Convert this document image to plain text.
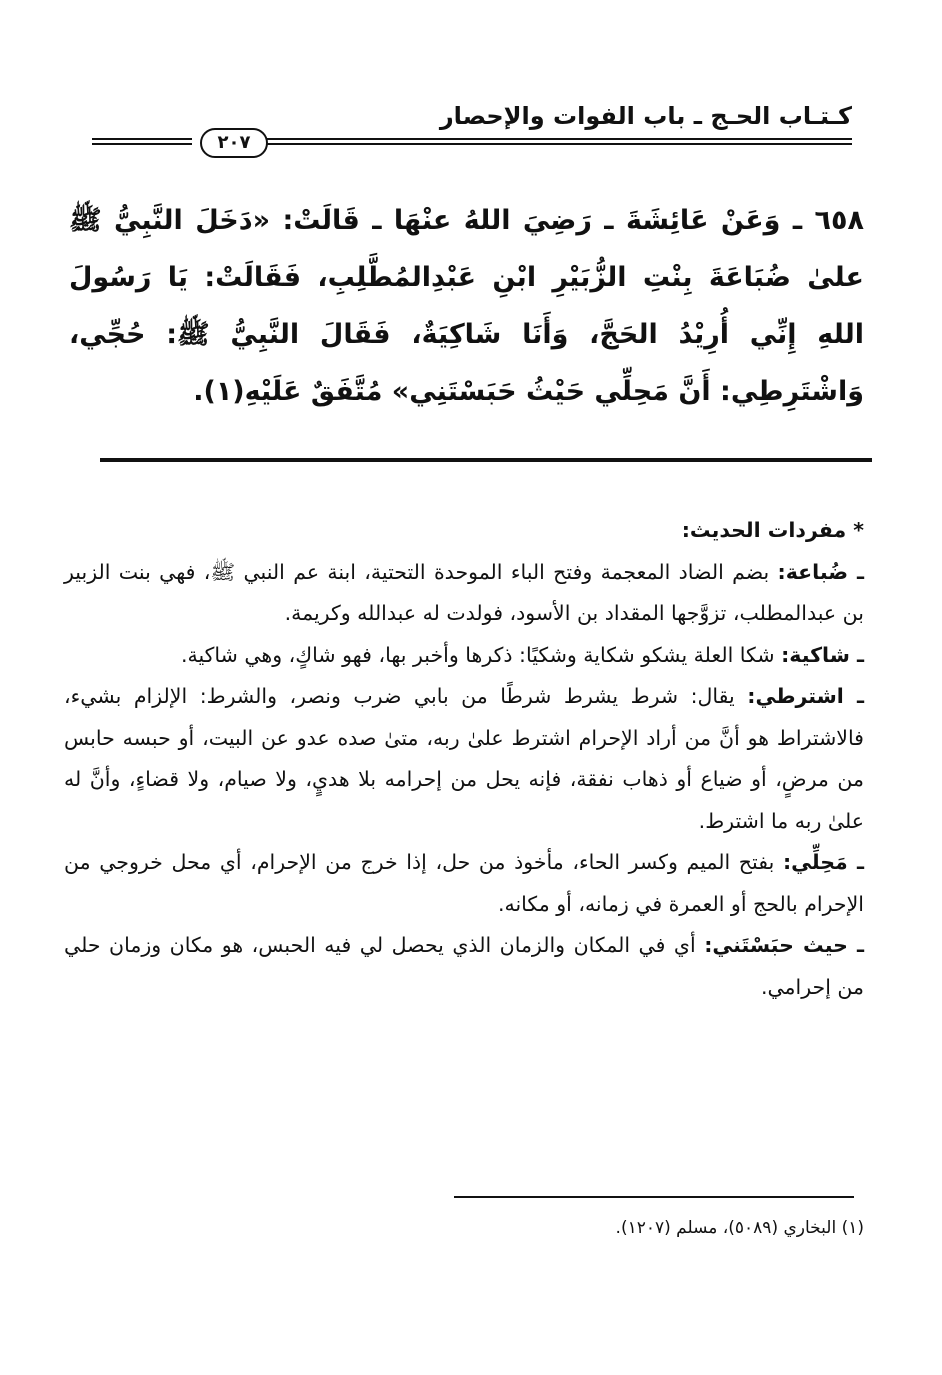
كـتـاب الحـج ـ باب الفوات والإحصار
٢٠٧
٦٥٨ ـ وَعَنْ عَائِشَةَ ـ رَضِيَ اللهُ عنْهَا ـ قَالَتْ: «دَخَلَ النَّبِيُّ ﷺ علىٰ ضُبَاعَةَ بِنْتِ الزُّبَيْرِ ابْنِ عَبْدِالمُطَّلِبِ، فَقَالَتْ: يَا رَسُولَ اللهِ إِنِّي أُرِيْدُ الحَجَّ، وَأَنَا شَاكِيَةٌ، فَقَالَ النَّبِيُّ ﷺ: حُجِّي، وَاشْتَرِطِي: أَنَّ مَحِلِّي حَيْثُ حَبَسْتَنِي» مُتَّفَقٌ عَلَيْهِ(١).

* مفردات الحديث:

ـ ضُباعة: بضم الضاد المعجمة وفتح الباء الموحدة التحتية، ابنة عم النبي ﷺ، فهي بنت الزبير بن عبدالمطلب، تزوَّجها المقداد بن الأسود، فولدت له عبدالله وكريمة.

ـ شاكية: شكا العلة يشكو شكاية وشكيًا: ذكرها وأخبر بها، فهو شاكٍ، وهي شاكية.

ـ اشترطي: يقال: شرط يشرط شرطًا من بابي ضرب ونصر، والشرط: الإلزام بشيء، فالاشتراط هو أنَّ من أراد الإحرام اشترط علىٰ ربه، متىٰ صده عدو عن البيت، أو حبسه حابس من مرضٍ، أو ضياع أو ذهاب نفقة، فإنه يحل من إحرامه بلا هديٍ، ولا صيام، ولا قضاءٍ، وأنَّ له علىٰ ربه ما اشترط.

ـ مَحِلِّي: بفتح الميم وكسر الحاء، مأخوذ من حل، إذا خرج من الإحرام، أي محل خروجي من الإحرام بالحج أو العمرة في زمانه، أو مكانه.

ـ حيث حبَسْتَني: أي في المكان والزمان الذي يحصل لي فيه الحبس، هو مكان وزمان حلي من إحرامي.

(١) البخاري (٥٠٨٩)، مسلم (١٢٠٧).
